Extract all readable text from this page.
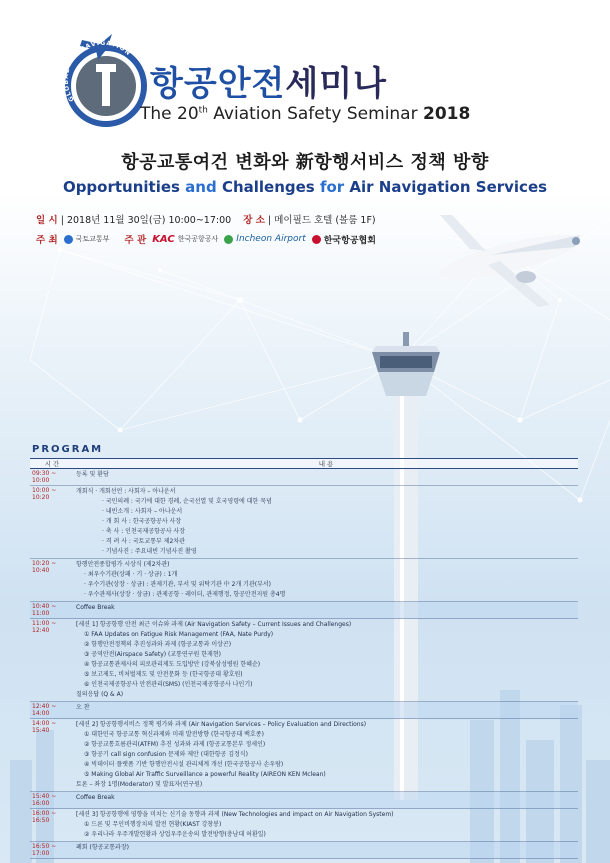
GLOBAL AIR NAVIGATION
항공안전세미나
The 20th Aviation Safety Seminar 2018
항공교통여건 변화와 新항행서비스 정책 방향
Opportunities and Challenges for Air Navigation Services
일 시 | 2018년 11월 30일(금) 10:00~17:00 장 소 | 메이필드 호텔 (볼룸 1F)
주 최	국토교통부
주 관 KAC 한국공항공사 Incheon Airport 한국항공협회
PROGRAM
시 간	내 용
09:30 ~ 10:00
등록 및 환담
10:00 ~ 10:20
개회식 · 개회선언 : 사회자 – 아나운서
· 국민의례 : 국기에 대한 경례, 순국선열 및 호국영령에 대한 묵념
· 내빈소개 : 사회자 – 아나운서
· 개 회 사 : 한국공항공사 사장
· 축 사 : 인천국제공항공사 사장
· 격 려 사 : 국토교통부 제2차관
· 기념사진 : 주요내빈 기념사진 촬영
10:20 ~ 10:40
항행안전종합평가 시상식 (제2차관)
· 최우수기관(상패 · 기 · 상금) : 1개
· 우수기관(상장 · 상금) : 관제기관, 부서 및 위탁기관 中 2개 기관(부서)
· 우수관제사(상장 · 상금) : 관제공항 · 레이더, 관제행정, 항공안전지원 총4명
10:40 ~ 11:00
Coffee Break
11:00 ~ 12:40
[세션 1] 항공항행 안전 최근 이슈와 과제 (Air Navigation Safety – Current Issues and Challenges)
① FAA Updates on Fatigue Risk Management (FAA, Nate Purdy)
② 항행안전정책의 추진성과와 과제 (항공교통과 이상곤)
③ 공역안전(Airspace Safety) (교통연구원 한재현)
④ 항공교통관제사의 피로관리제도 도입방안 (강북삼성병원 한혜순)
⑤ 보고제도, 비처벌제도 및 안전문화 등 (한국항공대 황호원)
⑥ 인천국제공항공사 안전관리(SMS) (인천국제공항공사 나인기)
질의응답 (Q & A)
12:40 ~ 14:00
오 찬
14:00 ~ 15:40
[세션 2] 항공항행서비스 정책 평가와 과제 (Air Navigation Services – Policy Evaluation and Directions)
① 대한민국 항공교통 혁신과제와 미래 발전방향 (한국항공대 백호종)
② 항공교통흐름관리(ATFM) 추진 성과와 과제 (항공교통본부 정세인)
③ 항공기 call sign confusion 문제와 제안 (대한항공 김정식)
④ 빅데이터 플랫폼 기반 항행안전시설 관리체계 개선 (한국공항공사 손우람)
⑤ Making Global Air Traffic Surveillance a powerful Reality (AIREON KEN Mclean)
토론 – 좌장 1명(Moderator) 및 발표자(연구원)
15:40 ~ 16:00
Coffee Break
16:00 ~ 16:50
[세션 3] 항공항행에 영향을 미치는 신기술 동향과 과제 (New Technologies and impact on Air Navigation System)
① 드론 및 무인비행장치의 발전 현황(KIAST 강창봉)
② 우리나라 우주개발현황과 상업우주운송의 발전방향(충남대 허환일)
16:50 ~ 17:00
폐회 (항공교통과장)
